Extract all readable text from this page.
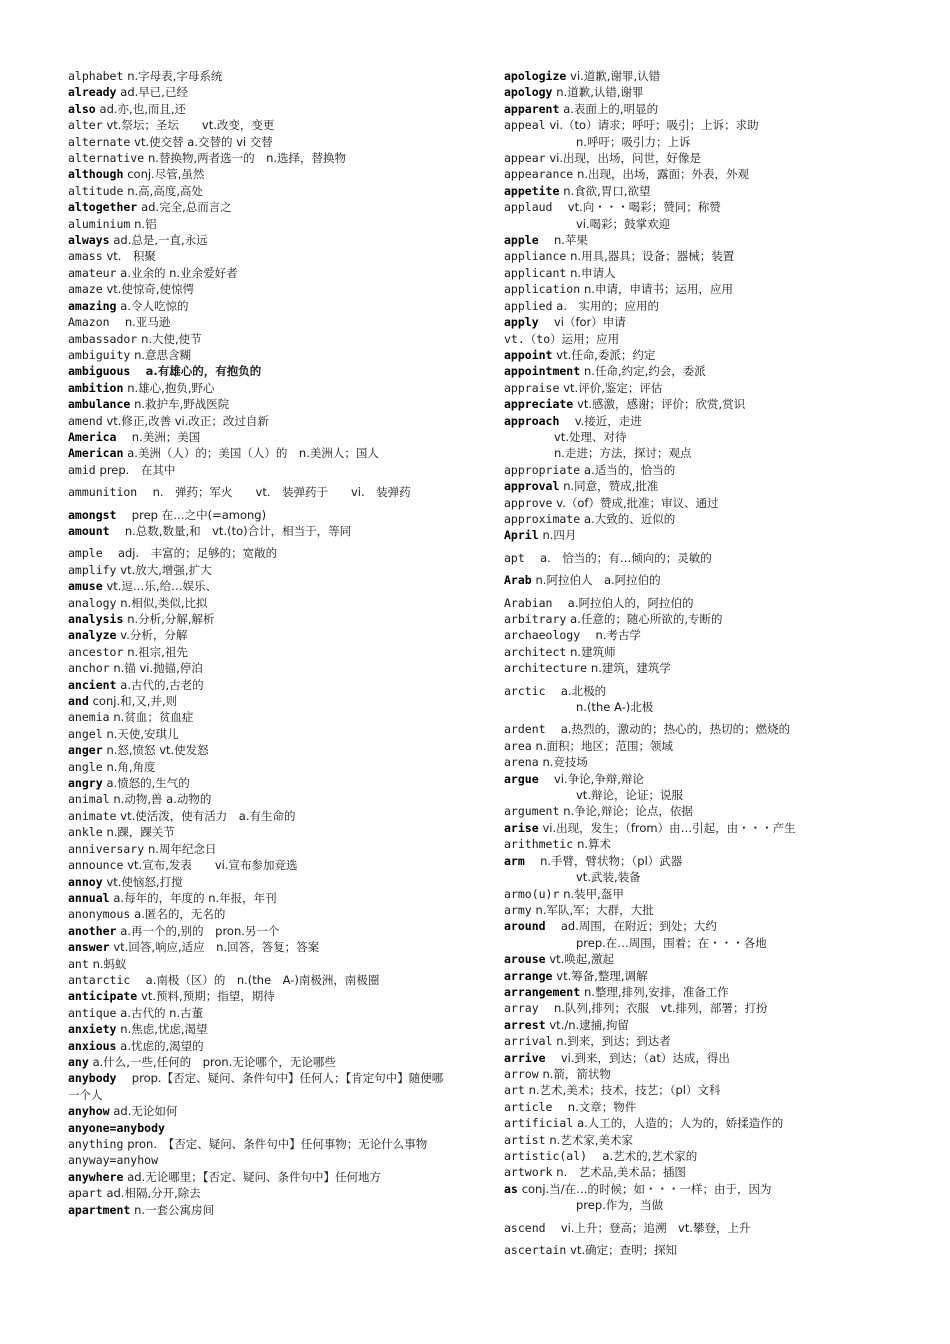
alphabet n.字母表,字母系统
already ad.早已,已经
also ad.亦,也,而且,还
alter vt.祭坛；圣坛　　vt.改变，变更
alternate vt.使交替 a.交替的 vi 交替
alternative n.替换物,两者选一的　n.选择，替换物
although conj.尽管,虽然
altitude n.高,高度,高处
altogether ad.完全,总而言之
aluminium n.铝
always ad.总是,一直,永远
amass vt.　积聚
amateur a.业余的 n.业余爱好者
amaze vt.使惊奇,使惊愕
amazing a.令人吃惊的
Amazon 　n.亚马逊
ambassador n.大使,使节
ambiguity n.意思含糊
ambiguous 　a.有雄心的，有抱负的
ambition n.雄心,抱负,野心
ambulance n.救护车,野战医院
amend vt.修正,改善 vi.改正；改过自新
America 　n.美洲；美国
American a.美洲（人）的；美国（人）的　n.美洲人；国人
amid prep.　在其中
ammunition 　n.　弹药；军火　　vt.　装弹药于　　vi.　装弹药
amongst 　prep 在…之中(=among)
amount 　n.总数,数量,和　vt.(to)合计，相当于，等同
ample 　adj.　丰富的；足够的；宽敞的
amplify vt.放大,增强,扩大
amuse vt.逗…乐,给…娱乐、
analogy n.相似,类似,比拟
analysis n.分析,分解,解析
analyze v.分析，分解
ancestor n.祖宗,祖先
anchor n.锚 vi.抛锚,停泊
ancient a.古代的,古老的
and conj.和,又,并,则
anemia n.贫血；贫血症
angel n.天使,安琪儿
anger n.怒,愤怒 vt.使发怒
angle n.角,角度
angry a.愤怒的,生气的
animal n.动物,兽 a.动物的
animate vt.使活泼，使有活力　a.有生命的
ankle n.踝，踝关节
anniversary n.周年纪念日
announce vt.宣布,发表　　vi.宣布参加竞选
annoy vt.使恼怒,打搅
annual a.每年的，年度的 n.年报，年刊
anonymous a.匿名的，无名的
another a.再一个的,别的　pron.另一个
answer vt.回答,响应,适应　n.回答，答复；答案
ant n.蚂蚁
antarctic 　a.南极（区）的　n.(the　A-)南极洲，南极圈
anticipate vt.预料,预期；指望，期待
antique a.古代的 n.古董
anxiety n.焦虑,忧虑,渴望
anxious a.忧虑的,渴望的
any a.什么,一些,任何的　pron.无论哪个，无论哪些
anybody 　prop.【否定、疑问、条件句中】任何人；【肯定句中】随便哪一个人
anyhow ad.无论如何
anyone=anybody
anything pron.　【否定、疑问、条件句中】任何事物；无论什么事物
anyway=anyhow
anywhere ad.无论哪里；【否定、疑问、条件句中】任何地方
apart ad.相隔,分开,除去
apartment n.一套公寓房间
apologize vi.道歉,谢罪,认错
apology n.道歉,认错,谢罪
apparent a.表面上的,明显的
appeal vi.（to）请求；呼吁；吸引；上诉；求助
n.呼吁；吸引力；上诉
appear vi.出现，出场，问世，好像是
appearance n.出现，出场，露面；外表，外观
appetite n.食欲,胃口,欲望
applaud 　vt.向・・・喝彩；赞同；称赞
vi.喝彩；鼓掌欢迎
apple 　n.苹果
appliance n.用具,器具；设备；器械；装置
applicant n.申请人
application n.申请，申请书；运用，应用
applied a.　实用的；应用的
apply 　vi（for）申请
vt.（to）运用；应用
appoint vt.任命,委派；约定
appointment n.任命,约定,约会，委派
appraise vt.评价,鉴定；评估
appreciate vt.感激，感谢；评价；欣赏,赏识
approach 　v.接近，走进
vt.处理、对待
n.走进；方法，探讨；观点
appropriate a.适当的，恰当的
approval n.同意，赞成,批准
approve v.（of）赞成,批准；审议、通过
approximate a.大致的、近似的
April n.四月
apt 　a.　恰当的；有…倾向的；灵敏的
Arab n.阿拉伯人　a.阿拉伯的
Arabian 　a.阿拉伯人的，阿拉伯的
arbitrary a.任意的；随心所欲的,专断的
archaeology 　n.考古学
architect n.建筑师
architecture n.建筑，建筑学
arctic 　a.北极的
n.(the A-)北极
ardent 　a.热烈的，激动的；热心的，热切的；燃烧的
area n.面积；地区；范围；领域
arena n.竞技场
argue 　vi.争论,争辩,辩论
vt.辩论，论证；说服
argument n.争论,辩论；论点，依据
arise vi.出现，发生；（from）由…引起，由・・・产生
arithmetic n.算术
arm 　n.手臂，臂状物；（pl）武器
vt.武装,装备
armo(u)r n.装甲,盔甲
army n.军队,军；大群，大批
around 　ad.周围，在附近；到处；大约
prep.在…周围，围着；在・・・各地
arouse vt.唤起,激起
arrange vt.筹备,整理,调解
arrangement n.整理,排列,安排，准备工作
array 　n.队列,排列；衣服　vt.排列，部署；打扮
arrest vt./n.逮捕,拘留
arrival n.到来，到达；到达者
arrive 　vi.到来，到达；（at）达成，得出
arrow n.箭，箭状物
art n.艺术,美术；技术，技艺；（pl）文科
article 　n.文章；物件
artificial a.人工的，人造的；人为的，娇揉造作的
artist n.艺术家,美术家
artistic(al) 　a.艺术的,艺术家的
artwork n.　艺术品,美术品；插图
as conj.当/在…的时候；如・・・一样；由于，因为
prep.作为，当做
ascend 　vi.上升；登高；追溯　vt.攀登，上升
ascertain vt.确定；查明；探知
